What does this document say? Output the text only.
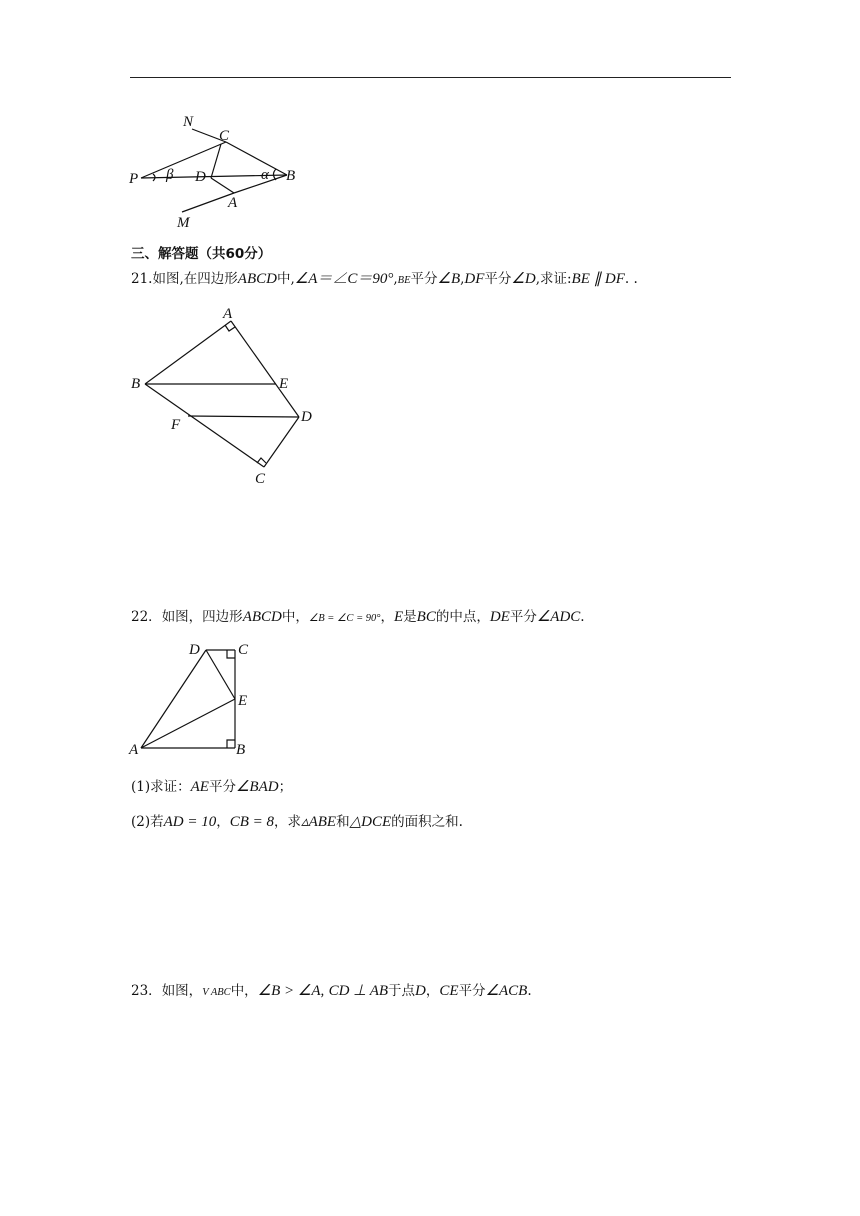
N
C
P β D	α B
A
M
三、解答题（共60分）
21.如图,在四边形ABCD中,∠A＝∠C＝90°,BE平分∠B,DF平分∠D,求证:BE ∥ DF. .
A
B	E
F	D
C
22．如图，四边形ABCD中，∠B = ∠C = 90°，E是BC的中点，DE平分∠ADC.
D	C
E
A	B
(1)求证：AE平分∠BAD；
(2)若AD = 10，CB = 8，求▵ABE和△DCE的面积之和.
23．如图，V ABC中，∠B > ∠A, CD ⊥ AB于点D，CE平分∠ACB.
